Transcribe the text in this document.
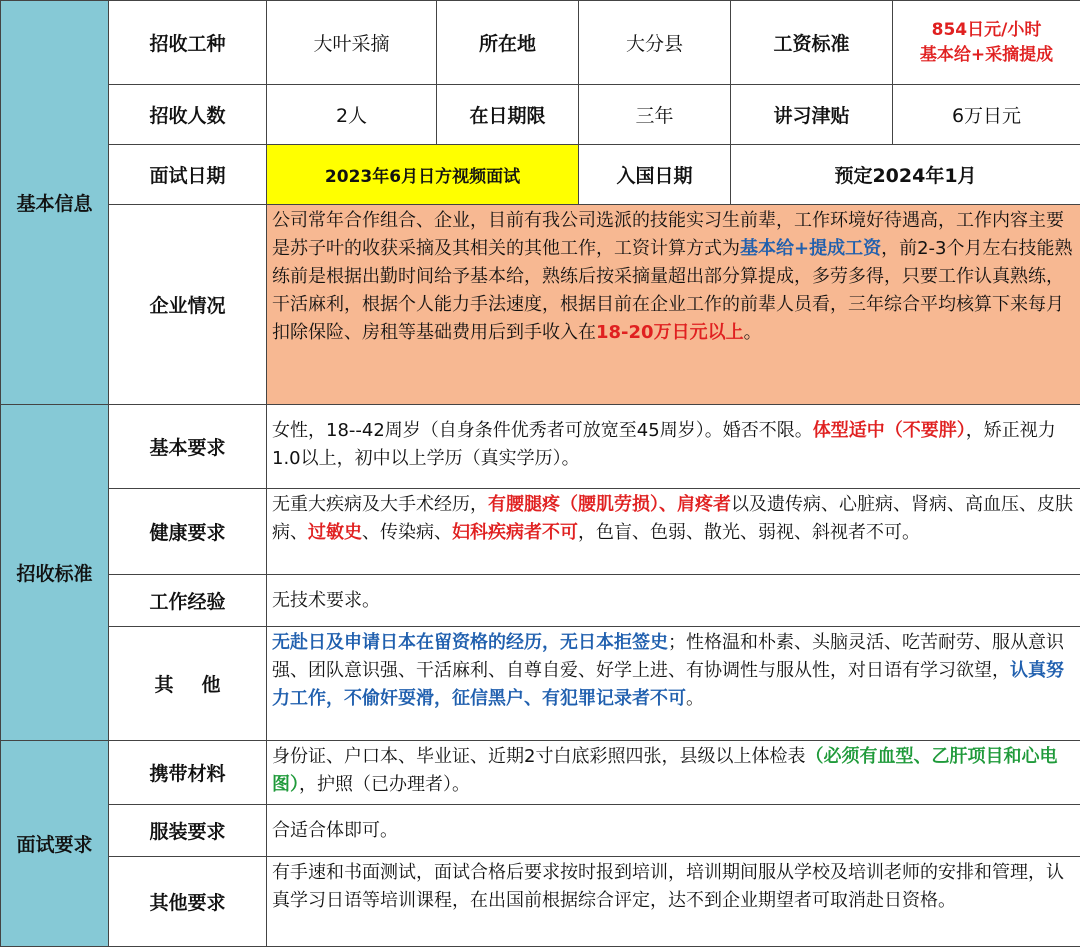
基本信息	招收工种	大叶采摘	所在地	大分县	工资标准	854日元/小时
基本给+采摘提成

	招收人数	2人	在日期限	三年	讲习津贴	6万日元
	面试日期	2023年6月日方视频面试		入国日期	预定2024年1月	
	企业情况	公司常年合作组合、企业，目前有我公司选派的技能实习生前辈，工作环境好待遇高，工作内容主要是苏子叶的收获采摘及其相关的其他工作，工资计算方式为基本给+提成工资，前2-3个月左右技能熟练前是根据出勤时间给予基本给，熟练后按采摘量超出部分算提成，多劳多得，只要工作认真熟练，干活麻利，根据个人能力手法速度，根据目前在企业工作的前辈人员看，三年综合平均核算下来每月扣除保险、房租等基础费用后到手收入在18-20万日元以上。				
招收标准	基本要求	女性，18--42周岁（自身条件优秀者可放宽至45周岁）。婚否不限。体型适中（不要胖），矫正视力1.0以上，初中以上学历（真实学历）。				
	健康要求	无重大疾病及大手术经历，有腰腿疼（腰肌劳损）、肩疼者以及遗传病、心脏病、肾病、高血压、皮肤病、过敏史、传染病、妇科疾病者不可，色盲、色弱、散光、弱视、斜视者不可。				
	工作经验	无技术要求。				
	其他	无赴日及申请日本在留资格的经历，无日本拒签史；性格温和朴素、头脑灵活、吃苦耐劳、服从意识强、团队意识强、干活麻利、自尊自爱、好学上进、有协调性与服从性，对日语有学习欲望，认真努力工作，不偷奸耍滑，征信黑户、有犯罪记录者不可。				
面试要求	携带材料	身份证、户口本、毕业证、近期2寸白底彩照四张，县级以上体检表（必须有血型、乙肝项目和心电图），护照（已办理者）。				
	服装要求	合适合体即可。				
	其他要求	有手速和书面测试，面试合格后要求按时报到培训，培训期间服从学校及培训老师的安排和管理，认真学习日语等培训课程，在出国前根据综合评定，达不到企业期望者可取消赴日资格。				
